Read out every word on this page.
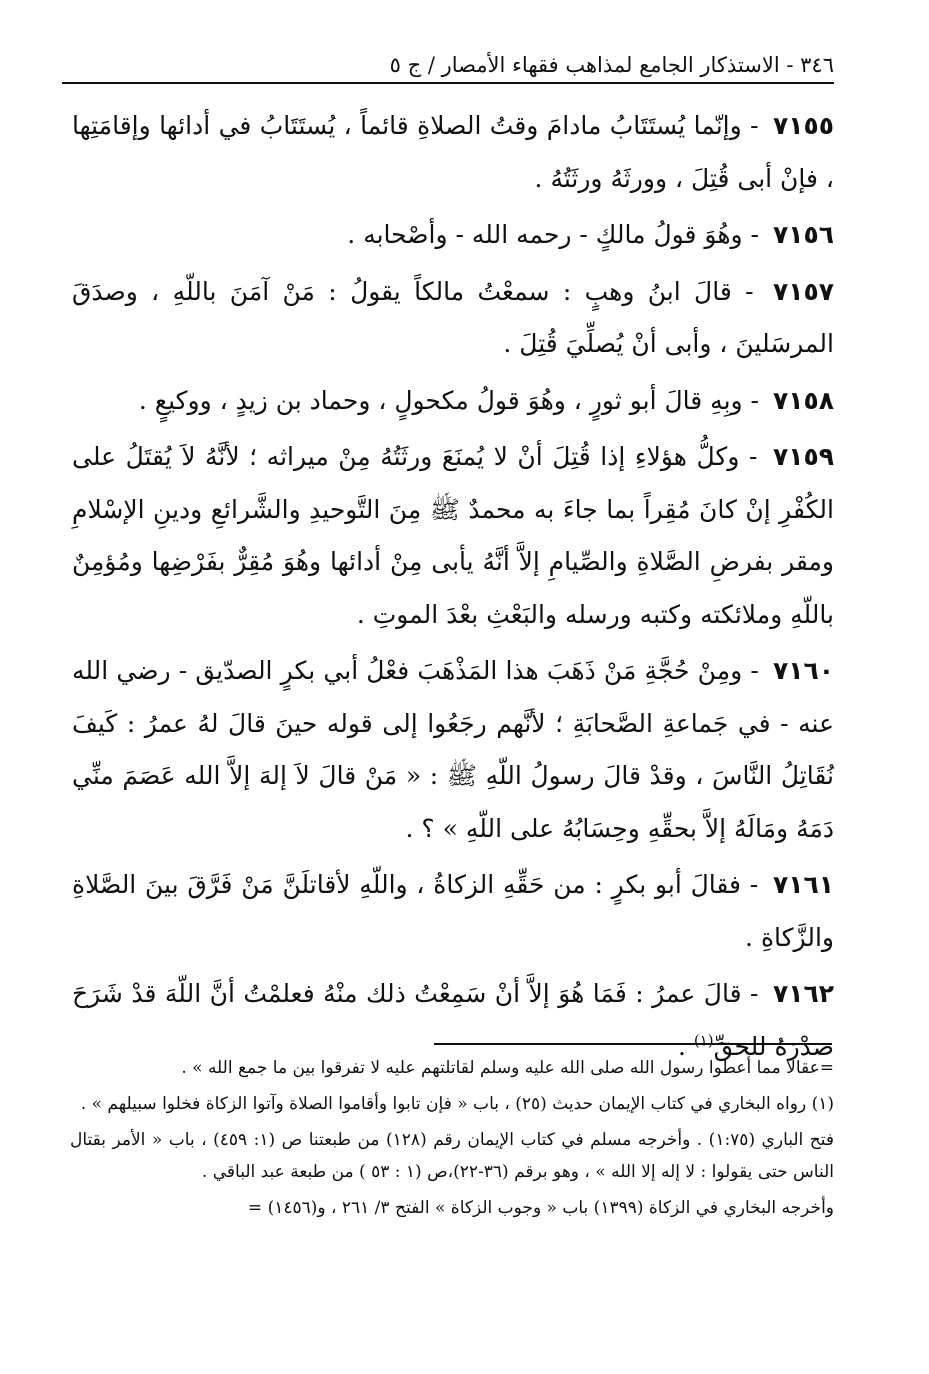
٣٤٦ - الاستذكار الجامع لمذاهب فقهاء الأمصار / ج ٥

٧١٥٥ - وإنّما يُستَتَابُ مادامَ وقتُ الصلاةِ قائماً ، يُستَتَابُ في أدائها وإقامَتِها ، فإنْ أبى قُتِلَ ، وورثَهُ ورثَتُهُ .

٧١٥٦ - وهُوَ قولُ مالكٍ - رحمه الله - وأصْحابه .

٧١٥٧ - قالَ ابنُ وهبٍ : سمعْتُ مالكاً يقولُ : مَنْ آمَنَ باللّهِ ، وصدَقَ المرسَلينَ ، وأبى أنْ يُصلِّيَ قُتِلَ .

٧١٥٨ - وبِهِ قالَ أبو ثورٍ ، وهُوَ قولُ مكحولٍ ، وحماد بن زيدٍ ، ووكيعٍ .

٧١٥٩ - وكلُّ هؤلاءِ إذا قُتِلَ أنْ لا يُمنَعَ ورثَتُهُ مِنْ ميراثه ؛ لأنَّهُ لاَ يُقتَلُ على الكُفْرِ إنْ كانَ مُقِراً بما جاءَ به محمدٌ ﷺ مِنَ التَّوحيدِ والشَّرائعِ ودينِ الإسْلامِ ومقر بفرضِ الصَّلاةِ والصِّيامِ إلاَّ أنَّهُ يأبى مِنْ أدائها وهُوَ مُقِرٌّ بفَرْضِها ومُؤمِنٌ باللّهِ وملائكته وكتبه ورسله والبَعْثِ بعْدَ الموتِ .

٧١٦٠ - ومِنْ حُجَّةِ مَنْ ذَهَبَ هذا المَذْهَبَ فعْلُ أبي بكرٍ الصدّيق - رضي الله عنه - في جَماعةِ الصَّحابَةِ ؛ لأنَّهم رجَعُوا إلى قوله حينَ قالَ لهُ عمرُ : كَيفَ نُقَاتِلُ النَّاسَ ، وقدْ قالَ رسولُ اللّهِ ﷺ : « مَنْ قالَ لاَ إلهَ إلاَّ الله عَصَمَ منِّي دَمَهُ ومَالَهُ إلاَّ بحقِّهِ وحِسَابُهُ على اللّهِ » ؟ .

٧١٦١ - فقالَ أبو بكرٍ : من حَقِّهِ الزكاةُ ، واللّهِ لأقاتلَنَّ مَنْ فَرَّقَ بينَ الصَّلاةِ والزَّكاةِ .

٧١٦٢ - قالَ عمرُ : فَمَا هُوَ إلاَّ أنْ سَمِعْتُ ذلك منْهُ فعلمْتُ أنَّ اللّهَ قدْ شَرَحَ صدْرَهُ للحقِّ$^{(١)}$ .

=عقالا مما أعطوا رسول الله صلى الله عليه وسلم لقاتلتهم عليه لا تفرقوا بين ما جمع الله » .

(١) رواه البخاري في كتاب الإيمان حديث (٢٥) ، باب « فإن تابوا وأقاموا الصلاة وآتوا الزكاة فخلوا سبيلهم » .

فتح الباري (١:٧٥) . وأخرجه مسلم في كتاب الإيمان رقم (١٢٨) من طبعتنا ص (١: ٤٥٩) ، باب « الأمر بقتال الناس حتى يقولوا : لا إله إلا الله » ، وهو برقم (٣٦-٢٢)،ص (١ : ٥٣ ) من طبعة عبد الباقي .

وأخرجه البخاري في الزكاة (١٣٩٩) باب « وجوب الزكاة » الفتح ٣/ ٢٦١ ، و(١٤٥٦) =
